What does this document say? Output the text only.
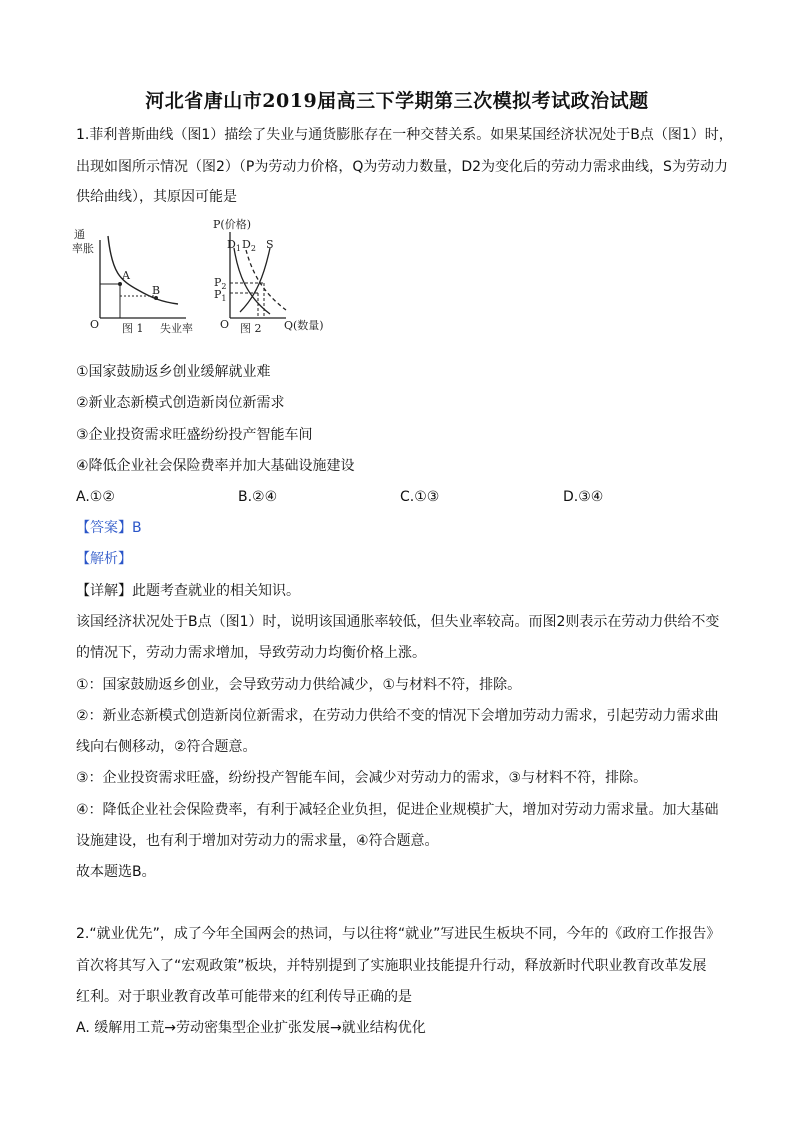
河北省唐山市2019届高三下学期第三次模拟考试政治试题
1.菲利普斯曲线（图1）描绘了失业与通货膨胀存在一种交替关系。如果某国经济状况处于B点（图1）时，
出现如图所示情况（图2）（P为劳动力价格，Q为劳动力数量，D2为变化后的劳动力需求曲线，S为劳动力
供给曲线），其原因可能是
通
率胀
A
B
O 图 1 失业率
P(价格)
$D_1$ $D_2$ S
$P_2$
$P_1$
O 图 2 Q(数量)
①国家鼓励返乡创业缓解就业难
②新业态新模式创造新岗位新需求
③企业投资需求旺盛纷纷投产智能车间
④降低企业社会保险费率并加大基础设施建设
A.①②	B.②④	C.①③	D.③④
【答案】B
【解析】
【详解】此题考查就业的相关知识。
该国经济状况处于B点（图1）时，说明该国通胀率较低，但失业率较高。而图2则表示在劳动力供给不变
的情况下，劳动力需求增加，导致劳动力均衡价格上涨。
①：国家鼓励返乡创业，会导致劳动力供给减少，①与材料不符，排除。
②：新业态新模式创造新岗位新需求，在劳动力供给不变的情况下会增加劳动力需求，引起劳动力需求曲
线向右侧移动，②符合题意。
③：企业投资需求旺盛，纷纷投产智能车间，会减少对劳动力的需求，③与材料不符，排除。
④：降低企业社会保险费率，有利于减轻企业负担，促进企业规模扩大，增加对劳动力需求量。加大基础
设施建设，也有利于增加对劳动力的需求量，④符合题意。
故本题选B。
2.“就业优先”，成了今年全国两会的热词，与以往将“就业”写进民生板块不同，今年的《政府工作报告》
首次将其写入了“宏观政策”板块，并特别提到了实施职业技能提升行动，释放新时代职业教育改革发展
红利。对于职业教育改革可能带来的红利传导正确的是
A. 缓解用工荒→劳动密集型企业扩张发展→就业结构优化
